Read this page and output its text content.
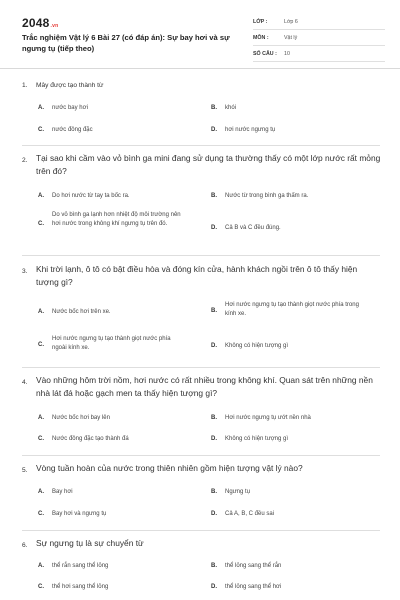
2048.vn
Trắc nghiệm Vật lý 6 Bài 27 (có đáp án): Sự bay hơi và sự ngưng tụ (tiếp theo)
LỚP :	Lớp 6
MÔN :	Vật lý
SỐ CÂU :	10
1. Mây được tạo thành từ
A.	nước bay hơi	B.	khói
C.	nước đông đặc	D.	hơi nước ngưng tụ
2. Tại sao khi cầm vào vỏ bình ga mini đang sử dụng ta thường thấy có một lớp nước rất mỏng trên đó?
A.	Do hơi nước từ tay ta bốc ra.	B.	Nước từ trong bình ga thấm ra.
C.
Do vỏ bình ga lạnh hơn nhiệt độ môi trường nên hơi nước trong không khí ngưng tụ trên đó.
D.	Cả B và C đều đúng.
3. Khi trời lạnh, ô tô có bật điều hòa và đóng kín cửa, hành khách ngồi trên ô tô thấy hiện tượng gì?
A.	Nước bốc hơi trên xe.	B.
Hơi nước ngưng tụ tạo thành giọt nước phía trong kính xe.
C.
Hơi nước ngưng tụ tạo thành giọt nước phía ngoài kính xe.	D.	Không có hiện tượng gì
4. Vào những hôm trời nồm, hơi nước có rất nhiều trong không khí. Quan sát trên những nền nhà lát đá hoặc gạch men ta thấy hiện tượng gì?
A.	Nước bốc hơi bay lên	B.	Hơi nước ngưng tụ ướt nền nhà
C.	Nước đông đặc tạo thành đá	D.	Không có hiện tượng gì
5. Vòng tuần hoàn của nước trong thiên nhiên gồm hiện tượng vật lý nào?
A.	Bay hơi	B.	Ngưng tụ
C.	Bay hơi và ngưng tụ	D.	Cả A, B, C đều sai
6. Sự ngưng tụ là sự chuyển từ
A.	thể rắn sang thể lỏng	B.	thể lỏng sang thể rắn
C.	thể hơi sang thể lỏng	D.	thể lỏng sang thể hơi
